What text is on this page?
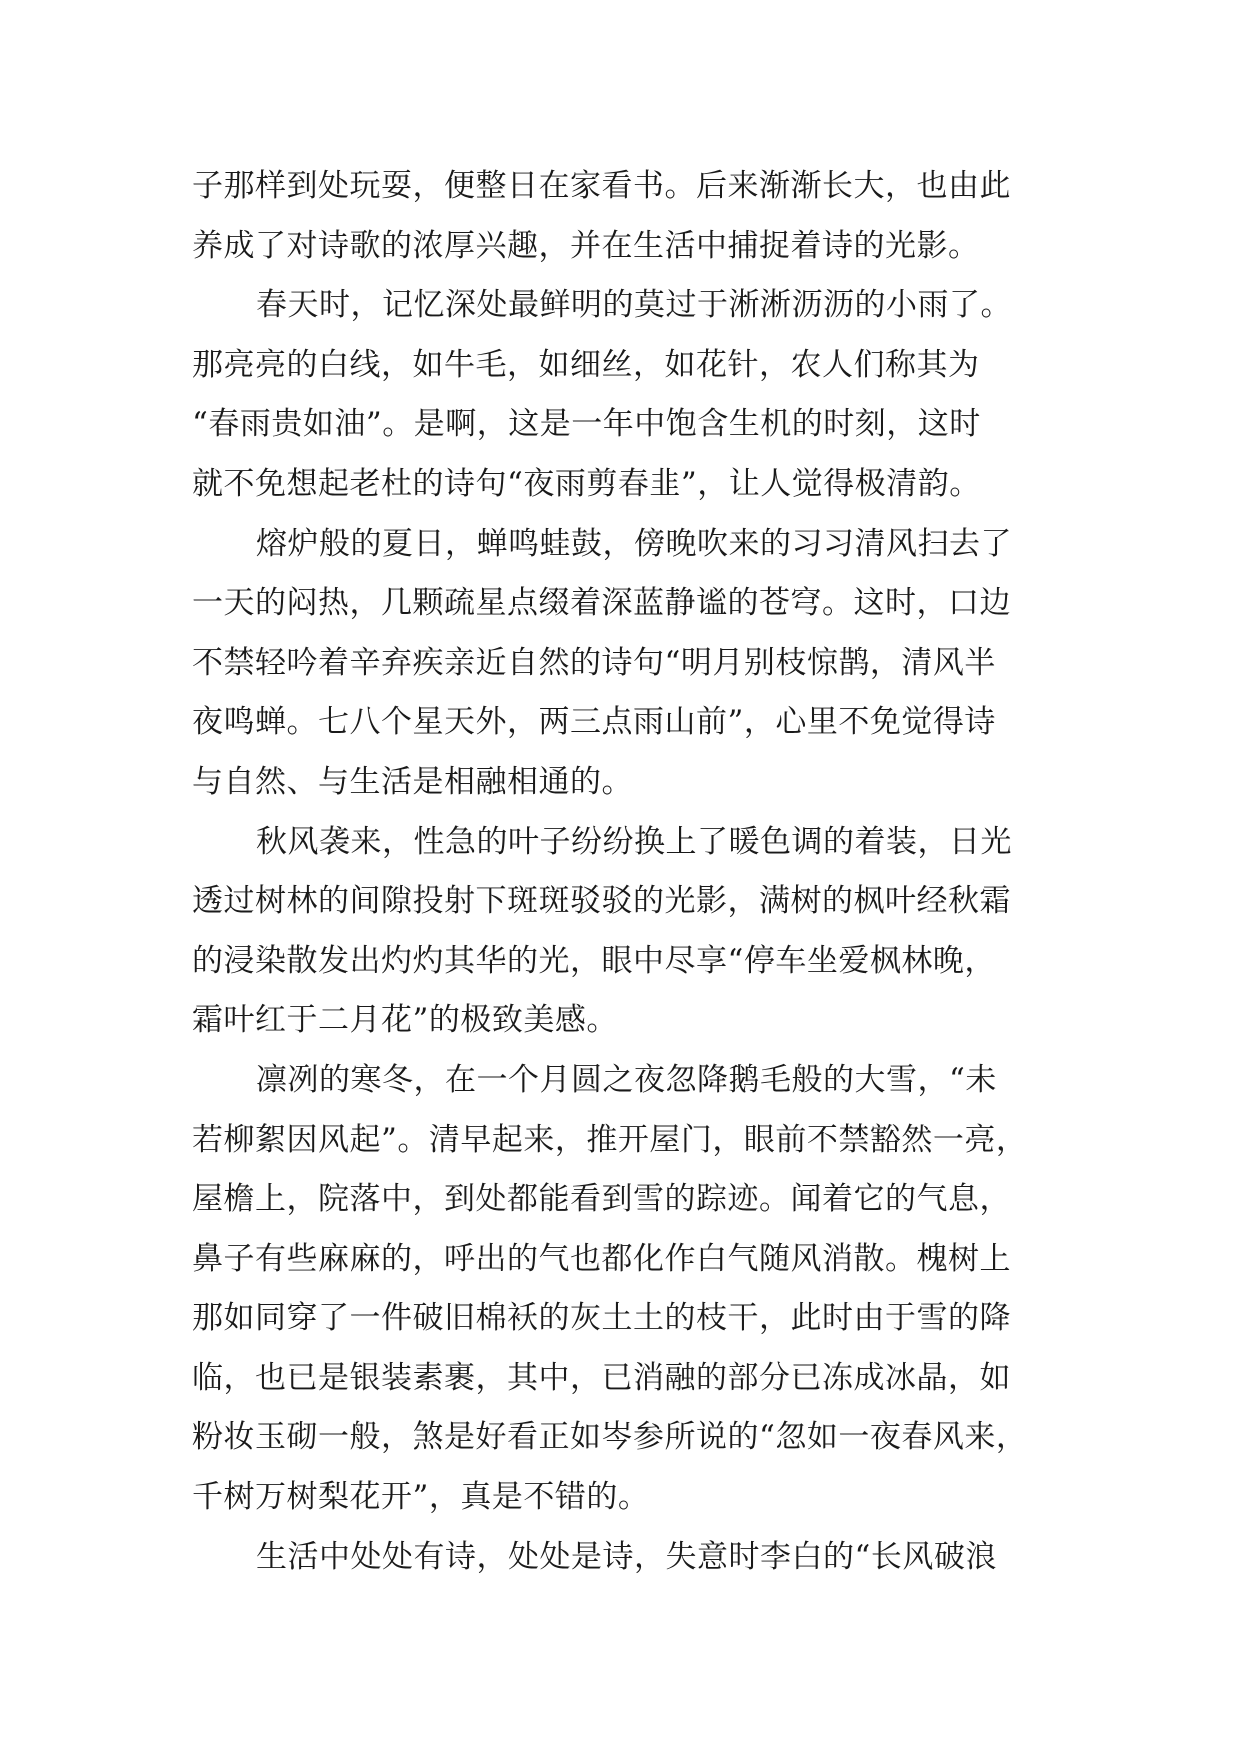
子那样到处玩耍，便整日在家看书。后来渐渐长大，也由此
养成了对诗歌的浓厚兴趣，并在生活中捕捉着诗的光影。
春天时，记忆深处最鲜明的莫过于淅淅沥沥的小雨了。
那亮亮的白线，如牛毛，如细丝，如花针，农人们称其为
“春雨贵如油”。是啊，这是一年中饱含生机的时刻，这时
就不免想起老杜的诗句“夜雨剪春韭”，让人觉得极清韵。
熔炉般的夏日，蝉鸣蛙鼓，傍晚吹来的习习清风扫去了
一天的闷热，几颗疏星点缀着深蓝静谧的苍穹。这时，口边
不禁轻吟着辛弃疾亲近自然的诗句“明月别枝惊鹊，清风半
夜鸣蝉。七八个星天外，两三点雨山前”，心里不免觉得诗
与自然、与生活是相融相通的。
秋风袭来，性急的叶子纷纷换上了暖色调的着装，日光
透过树林的间隙投射下斑斑驳驳的光影，满树的枫叶经秋霜
的浸染散发出灼灼其华的光，眼中尽享“停车坐爱枫林晚，
霜叶红于二月花”的极致美感。
凛冽的寒冬，在一个月圆之夜忽降鹅毛般的大雪，“未
若柳絮因风起”。清早起来，推开屋门，眼前不禁豁然一亮，
屋檐上，院落中，到处都能看到雪的踪迹。闻着它的气息，
鼻子有些麻麻的，呼出的气也都化作白气随风消散。槐树上
那如同穿了一件破旧棉袄的灰土土的枝干，此时由于雪的降
临，也已是银装素裹，其中，已消融的部分已冻成冰晶，如
粉妆玉砌一般，煞是好看正如岑参所说的“忽如一夜春风来，
千树万树梨花开”，真是不错的。
生活中处处有诗，处处是诗，失意时李白的“长风破浪
